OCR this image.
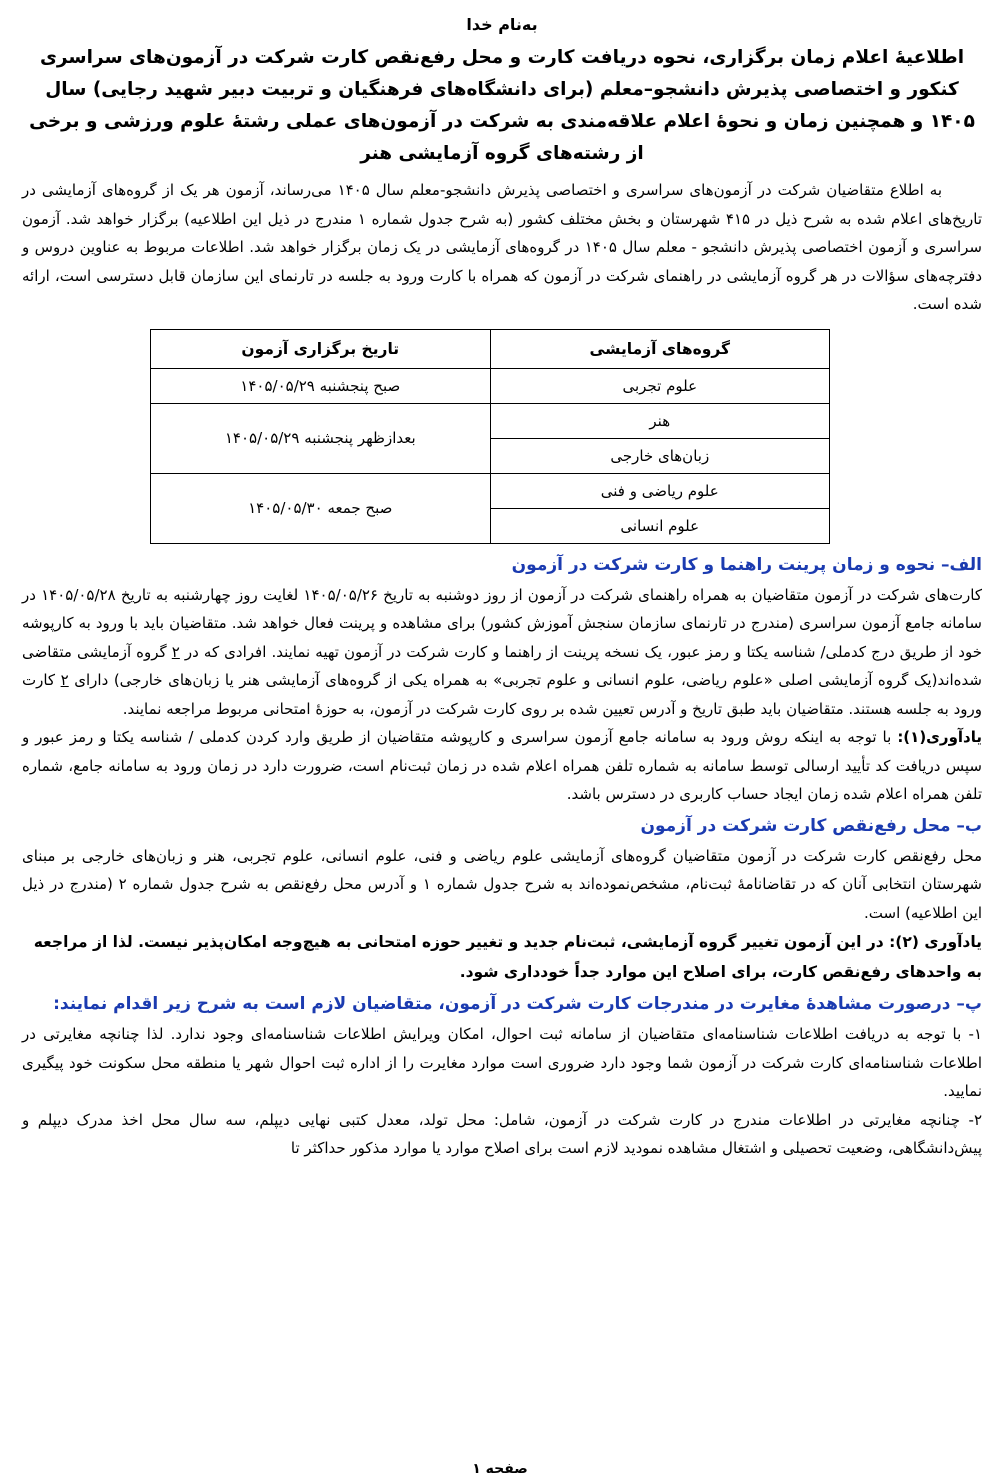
به‌نام خدا
اطلاعیهٔ اعلام زمان برگزاری، نحوه دریافت کارت و محل رفع‌نقص کارت شرکت در آزمون‌های سراسری کنکور و اختصاصی پذیرش دانشجو–معلم (برای دانشگاه‌های فرهنگیان و تربیت دبیر شهید رجایی) سال ۱۴۰۵ و همچنین زمان و نحوهٔ اعلام علاقه‌مندی به شرکت در آزمون‌های عملی رشتهٔ علوم ورزشی و برخی از رشته‌های گروه آزمایشی هنر

به اطلاع متقاضیان شرکت در آزمون‌های سراسری و اختصاصی پذیرش دانشجو-معلم سال ۱۴۰۵ می‌رساند، آزمون هر یک از گروه‌های آزمایشی در تاریخ‌های اعلام شده به شرح ذیل در ۴۱۵ شهرستان و بخش مختلف کشور (به شرح جدول شماره ۱ مندرج در ذیل این اطلاعیه) برگزار خواهد شد. آزمون سراسری و آزمون اختصاصی پذیرش دانشجو - معلم سال ۱۴۰۵ در گروه‌های آزمایشی در یک زمان برگزار خواهد شد. اطلاعات مربوط به عناوین دروس و دفترچه‌های سؤالات در هر گروه آزمایشی در راهنمای شرکت در آزمون که همراه با کارت ورود به جلسه در تارنمای این سازمان قابل دسترسی است، ارائه شده است.

گروه‌های آزمایشی	تاریخ برگزاری آزمون
علوم تجربی	صبح پنجشنبه ۱۴۰۵/۰۵/۲۹
هنر	بعدازظهر پنجشنبه ۱۴۰۵/۰۵/۲۹
زبان‌های خارجی	
علوم ریاضی و فنی	صبح جمعه ۱۴۰۵/۰۵/۳۰
علوم انسانی	
الف– نحوه و زمان پرینت راهنما و کارت شرکت در آزمون

کارت‌های شرکت در آزمون متقاضیان به همراه راهنمای شرکت در آزمون از روز دوشنبه به تاریخ ۱۴۰۵/۰۵/۲۶ لغایت روز چهارشنبه به تاریخ ۱۴۰۵/۰۵/۲۸ در سامانه جامع آزمون سراسری (مندرج در تارنمای سازمان سنجش آموزش کشور) برای مشاهده و پرینت فعال خواهد شد. متقاضیان باید با ورود به کارپوشه خود از طریق درج کدملی/ شناسه یکتا و رمز عبور، یک نسخه پرینت از راهنما و کارت شرکت در آزمون تهیه نمایند. افرادی که در ۲ گروه آزمایشی متقاضی شده‌اند(یک گروه آزمایشی اصلی «علوم ریاضی، علوم انسانی و علوم تجربی» به همراه یکی از گروه‌های آزمایشی هنر یا زبان‌های خارجی) دارای ۲ کارت ورود به جلسه هستند. متقاضیان باید طبق تاریخ و آدرس تعیین شده بر روی کارت شرکت در آزمون، به حوزهٔ امتحانی مربوط مراجعه نمایند.

یادآوری(۱): با توجه به اینکه روش ورود به سامانه جامع آزمون سراسری و کارپوشه متقاضیان از طریق وارد کردن کدملی / شناسه یکتا و رمز عبور و سپس دریافت کد تأیید ارسالی توسط سامانه به شماره تلفن همراه اعلام شده در زمان ثبت‌نام است، ضرورت دارد در زمان ورود به سامانه جامع، شماره تلفن همراه اعلام شده زمان ایجاد حساب کاربری در دسترس باشد.

ب– محل رفع‌نقص کارت شرکت در آزمون

محل رفع‌نقص کارت شرکت در آزمون متقاضیان گروه‌های آزمایشی علوم ریاضی و فنی، علوم انسانی، علوم تجربی، هنر و زبان‌های خارجی بر مبنای شهرستان انتخابی آنان که در تقاضانامهٔ ثبت‌نام، مشخص‌نموده‌اند به شرح جدول شماره ۱ و آدرس محل رفع‌نقص به شرح جدول شماره ۲ (مندرج در ذیل این اطلاعیه) است.

یادآوری (۲): در این آزمون تغییر گروه آزمایشی، ثبت‌نام جدید و تغییر حوزه امتحانی به هیچ‌وجه امکان‌پذیر نیست. لذا از مراجعه به واحدهای رفع‌نقص کارت، برای اصلاح این موارد جداً خودداری شود.

پ– درصورت مشاهدهٔ مغایرت در مندرجات کارت شرکت در آزمون، متقاضیان لازم است به شرح زیر اقدام نمایند:

۱- با توجه به دریافت اطلاعات شناسنامه‌ای متقاضیان از سامانه ثبت احوال، امکان ویرایش اطلاعات شناسنامه‌ای وجود ندارد. لذا چنانچه مغایرتی در اطلاعات شناسنامه‌ای کارت شرکت در آزمون شما وجود دارد ضروری است موارد مغایرت را از اداره ثبت احوال شهر یا منطقه محل سکونت خود پیگیری نمایید.

۲- چنانچه مغایرتی در اطلاعات مندرج در کارت شرکت در آزمون، شامل: محل تولد، معدل کتبی نهایی دیپلم، سه سال محل اخذ مدرک دیپلم و پیش‌دانشگاهی، وضعیت تحصیلی و اشتغال مشاهده نمودید لازم است برای اصلاح موارد یا موارد مذکور حداکثر تا

صفحه ۱
